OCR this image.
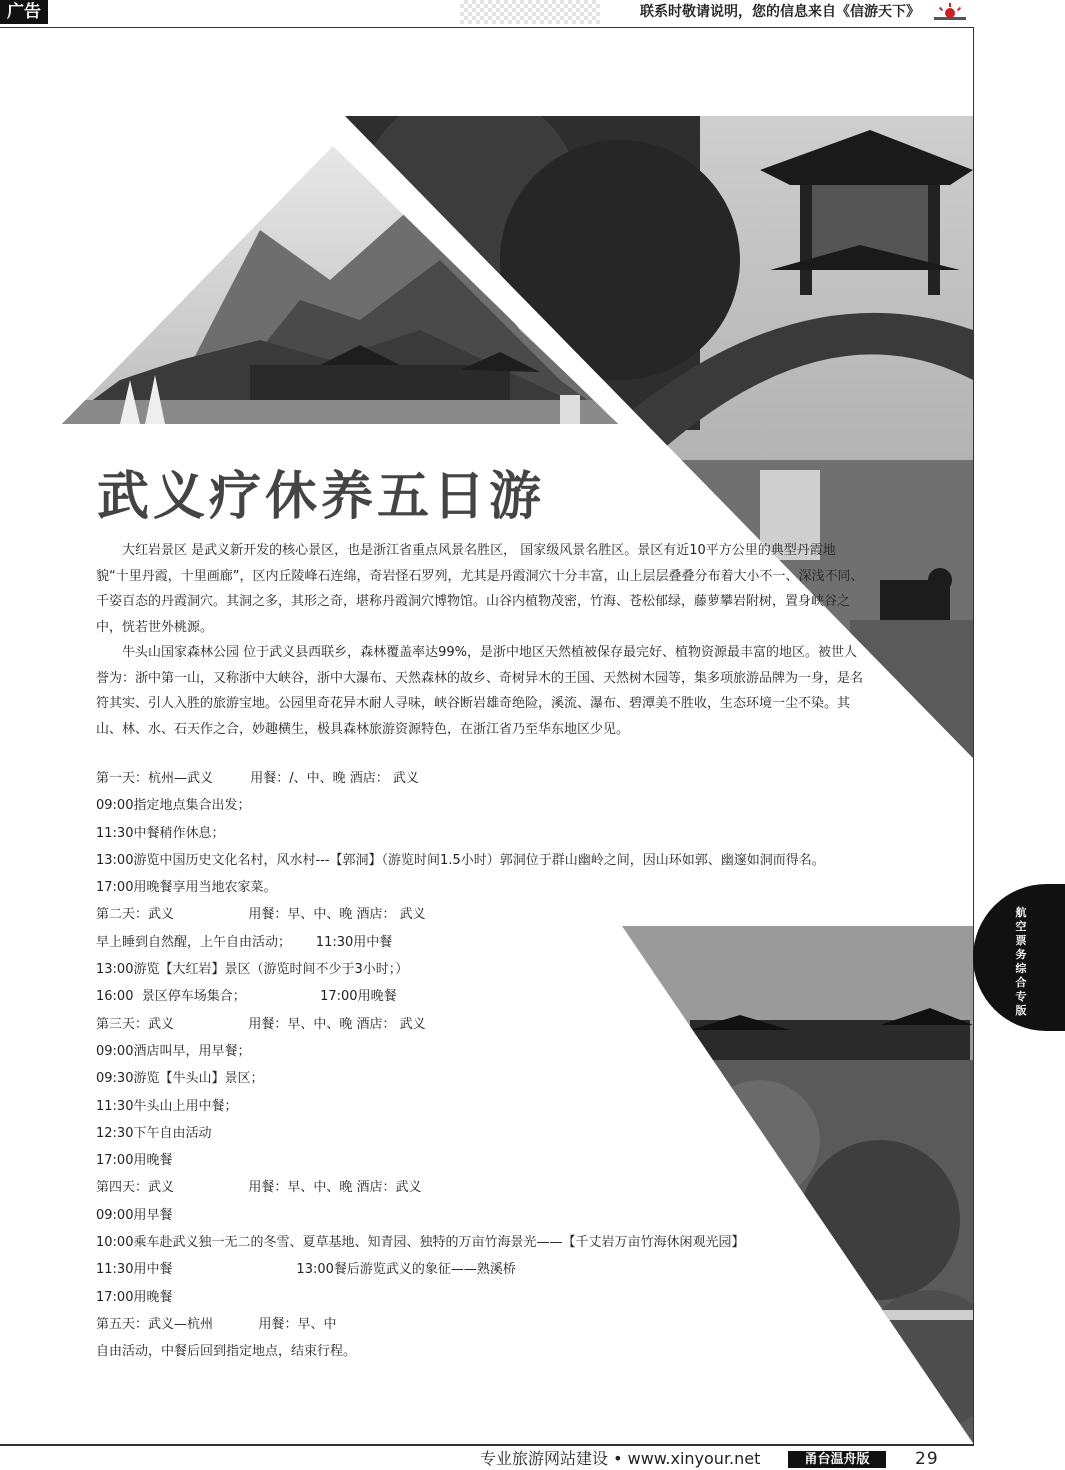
广告	联系时敬请说明，您的信息来自《信游天下》
武义疗休养五日游

大红岩景区 是武义新开发的核心景区，也是浙江省重点风景名胜区， 国家级风景名胜区。景区有近10平方公里的典型丹霞地貌“十里丹霞，十里画廊”，区内丘陵峰石连绵，奇岩怪石罗列，尤其是丹霞洞穴十分丰富，山上层层叠叠分布着大小不一、深浅不同、千姿百态的丹霞洞穴。其洞之多，其形之奇，堪称丹霞洞穴博物馆。山谷内植物茂密，竹海、苍松郁绿，藤萝攀岩附树，置身峡谷之中，恍若世外桃源。

牛头山国家森林公园 位于武义县西联乡，森林覆盖率达99%，是浙中地区天然植被保存最完好、植物资源最丰富的地区。被世人誉为：浙中第一山，又称浙中大峡谷，浙中大瀑布、天然森林的故乡、奇树异木的王国、天然树木园等，集多项旅游品牌为一身，是名符其实、引人入胜的旅游宝地。公园里奇花异木耐人寻味，峡谷断岩雄奇绝险，溪流、瀑布、碧潭美不胜收，生态环境一尘不染。其山、林、水、石天作之合，妙趣横生，极具森林旅游资源特色，在浙江省乃至华东地区少见。

第一天：杭州—武义         用餐：/、中、晚 酒店： 武义
09:00指定地点集合出发；
11:30中餐稍作休息；
13:00游览中国历史文化名村，风水村---【郭洞】（游览时间1.5小时）郭洞位于群山幽岭之间，因山环如郭、幽邃如洞而得名。
17:00用晚餐享用当地农家菜。
第二天：武义                  用餐：早、中、晚 酒店： 武义
早上睡到自然醒，上午自由活动；      11:30用中餐
13:00游览【大红岩】景区（游览时间不少于3小时；）
16:00  景区停车场集合；                  17:00用晚餐
第三天：武义                  用餐：早、中、晚 酒店： 武义
09:00酒店叫早，用早餐；
09:30游览【牛头山】景区；
11:30牛头山上用中餐；
12:30下午自由活动
17:00用晚餐
第四天：武义                  用餐：早、中、晚 酒店：武义
09:00用早餐
10:00乘车赴武义独一无二的冬雪、夏草基地、知青园、独特的万亩竹海景光——【千丈岩万亩竹海休闲观光园】
11:30用中餐                              13:00餐后游览武义的象征——熟溪桥
17:00用晚餐
第五天：武义—杭州           用餐：早、中
自由活动，中餐后回到指定地点，结束行程。
航空票务综合专版
专业旅游网站建设 • www.xinyour.net	甬台温舟版	29
